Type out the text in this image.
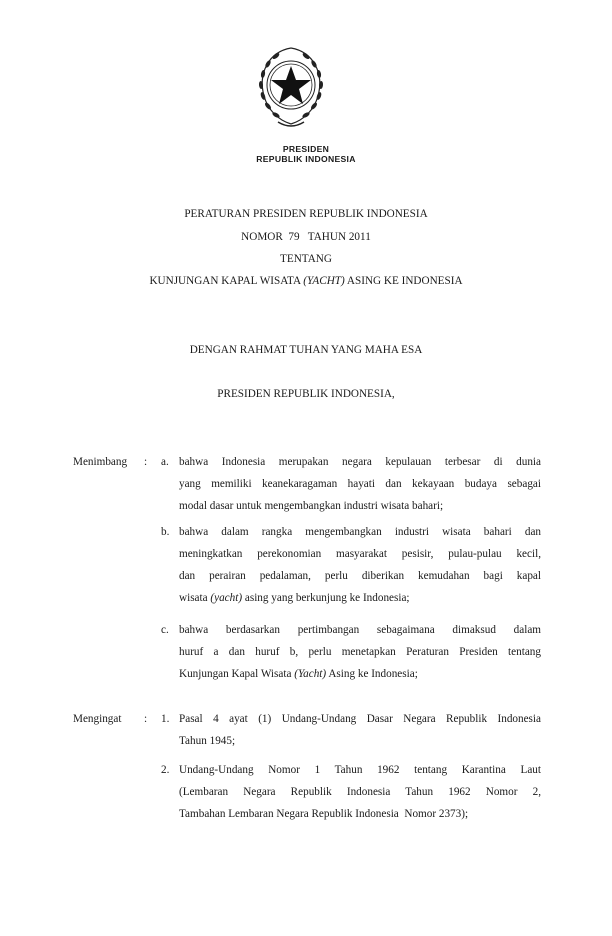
PRESIDEN
REPUBLIK INDONESIA
PERATURAN PRESIDEN REPUBLIK INDONESIA
NOMOR  79   TAHUN 2011
TENTANG
KUNJUNGAN KAPAL WISATA (YACHT) ASING KE INDONESIA
DENGAN RAHMAT TUHAN YANG MAHA ESA
PRESIDEN REPUBLIK INDONESIA,
Menimbang : a. bahwa Indonesia merupakan negara kepulauan terbesar di dunia
yang memiliki keanekaragaman hayati dan kekayaan budaya sebagai
modal dasar untuk mengembangkan industri wisata bahari;
b. bahwa dalam rangka mengembangkan industri wisata bahari dan
meningkatkan perekonomian masyarakat pesisir, pulau-pulau kecil,
dan perairan pedalaman, perlu diberikan kemudahan bagi kapal
wisata (yacht) asing yang berkunjung ke Indonesia;
c. bahwa berdasarkan pertimbangan sebagaimana dimaksud dalam
huruf a dan huruf b, perlu menetapkan Peraturan Presiden tentang
Kunjungan Kapal Wisata (Yacht) Asing ke Indonesia;
Mengingat : 1. Pasal 4 ayat (1) Undang-Undang Dasar Negara Republik Indonesia
Tahun 1945;
2. Undang-Undang Nomor 1 Tahun 1962 tentang Karantina Laut
(Lembaran Negara Republik Indonesia Tahun 1962 Nomor 2,
Tambahan Lembaran Negara Republik Indonesia  Nomor 2373);
